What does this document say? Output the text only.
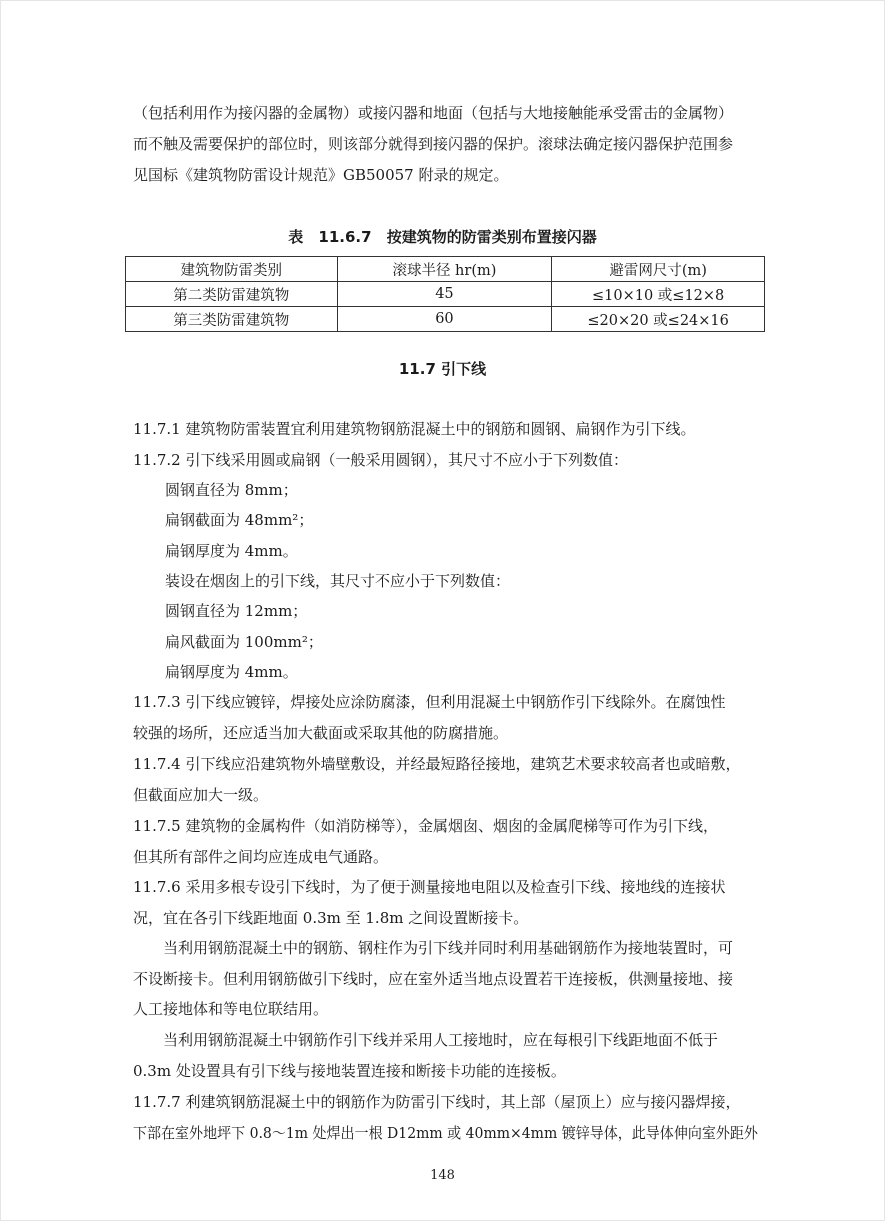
（包括利用作为接闪器的金属物）或接闪器和地面（包括与大地接触能承受雷击的金属物）
而不触及需要保护的部位时，则该部分就得到接闪器的保护。滚球法确定接闪器保护范围参
见国标《建筑物防雷设计规范》GB50057 附录的规定。
表 11.6.7 按建筑物的防雷类别布置接闪器
建筑物防雷类别	滚球半径 hr(m)	避雷网尺寸(m)
第二类防雷建筑物	45	≤10×10 或≤12×8
第三类防雷建筑物	60	≤20×20 或≤24×16
11.7 引下线
11.7.1 建筑物防雷装置宜利用建筑物钢筋混凝土中的钢筋和圆钢、扁钢作为引下线。
11.7.2 引下线采用圆或扁钢（一般采用圆钢），其尺寸不应小于下列数值：
圆钢直径为 8mm；
扁钢截面为 48mm²；
扁钢厚度为 4mm。
装设在烟囱上的引下线，其尺寸不应小于下列数值：
圆钢直径为 12mm；
扁风截面为 100mm²；
扁钢厚度为 4mm。
11.7.3 引下线应镀锌，焊接处应涂防腐漆，但利用混凝土中钢筋作引下线除外。在腐蚀性
较强的场所，还应适当加大截面或采取其他的防腐措施。
11.7.4 引下线应沿建筑物外墙壁敷设，并经最短路径接地，建筑艺术要求较高者也或暗敷，
但截面应加大一级。
11.7.5 建筑物的金属构件（如消防梯等），金属烟囱、烟囱的金属爬梯等可作为引下线，
但其所有部件之间均应连成电气通路。
11.7.6 采用多根专设引下线时，为了便于测量接地电阻以及检查引下线、接地线的连接状
况，宜在各引下线距地面 0.3m 至 1.8m 之间设置断接卡。
　　当利用钢筋混凝土中的钢筋、钢柱作为引下线并同时利用基础钢筋作为接地装置时，可
不设断接卡。但利用钢筋做引下线时，应在室外适当地点设置若干连接板，供测量接地、接
人工接地体和等电位联结用。
　　当利用钢筋混凝土中钢筋作引下线并采用人工接地时，应在每根引下线距地面不低于
0.3m 处设置具有引下线与接地装置连接和断接卡功能的连接板。
11.7.7 利建筑钢筋混凝土中的钢筋作为防雷引下线时，其上部（屋顶上）应与接闪器焊接，
下部在室外地坪下 0.8～1m 处焊出一根 D12mm 或 40mm×4mm 镀锌导体，此导体伸向室外距外
148
